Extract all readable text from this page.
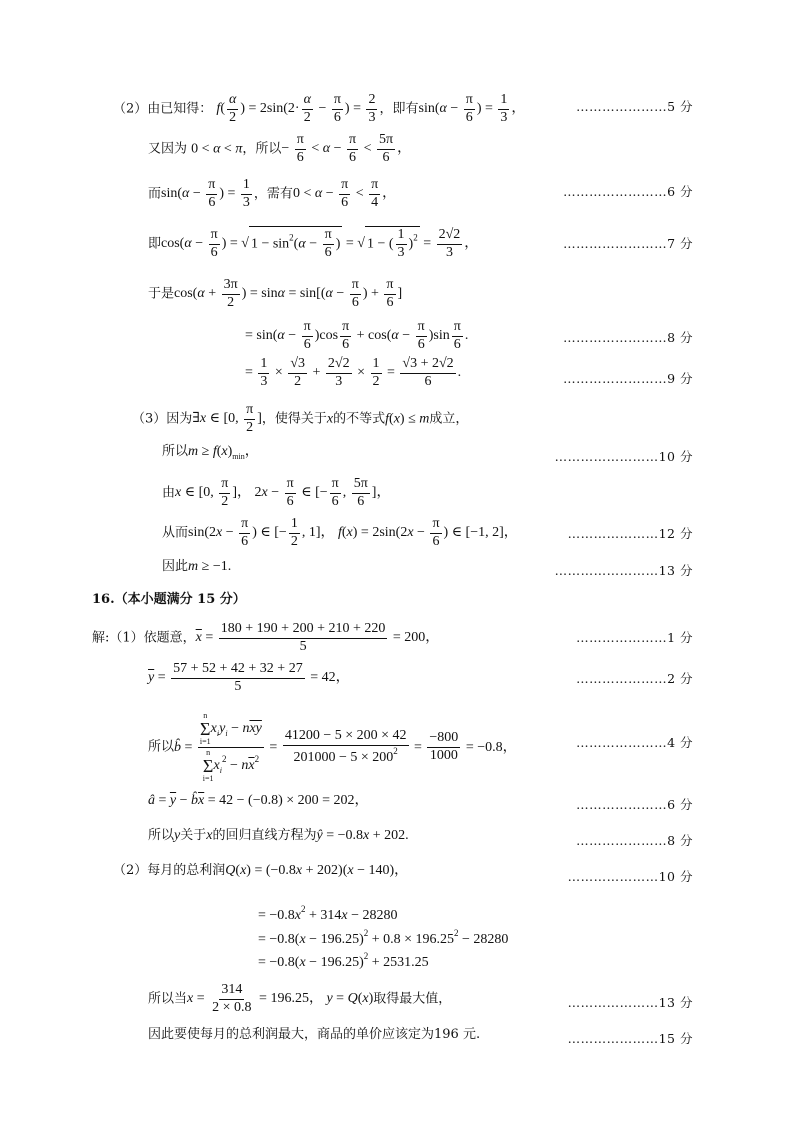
（2）由已知得： $f( \frac{\alpha}{2}$ ) = $2\sin(2\cdot \frac{\alpha}{2} - \frac{\pi}{6}$ ) = $\frac{2}{3}$ ，即有$\sin(\alpha - \frac{\pi}{6}$ ) = $\frac{1}{3}$ ，	…………………5 分
又因为 0 < α < π，所以− $\frac{\pi}{6} < \alpha - \frac{\pi}{6} < \frac{5\pi}{6}$ ，
而$\sin(\alpha - \frac{\pi}{6}$ ) = $\frac{1}{3}$ ，需有$0 < \alpha - \frac{\pi}{6} < \frac{\pi}{4}$ ，	……………………6 分
即$\cos(\alpha - \frac{\pi}{6}$ ) = √ $1 - \sin^2(\alpha - \frac{\pi}{6}$ ) = √ 1 − ( $\frac{1}{3} )^2 = \frac{2√2}{3}$ ，	……………………7 分
于是$\cos(\alpha + \frac{3\pi}{2}$ ) = $\sin\alpha = \sin[(\alpha - \frac{\pi}{6}$ ) + $\frac{\pi}{6}$ ]
= $\sin(\alpha - \frac{\pi}{6} )\cos \frac{\pi}{6} + \cos(\alpha - \frac{\pi}{6} )\sin \frac{\pi}{6}$ .	……………………8 分
= $\frac{1}{3} \times \frac{√3}{2} + \frac{2√2}{3} \times \frac{1}{2} = \frac{√3 + 2√2}{6}$ .	……………………9 分
（3）因为∃x ∈ [0, $\frac{\pi}{2}$ ]，使得关于x的不等式f(x) ≤ m成立，
所以$m \ge f(x)_{min}$，	……………………10 分
由x ∈ [0, $\frac{\pi}{2}$ ]， $2x - \frac{\pi}{6}$ ∈ [− $\frac{\pi}{6}$ , $\frac{5\pi}{6}$ ]，
从而$\sin(2x - \frac{\pi}{6}$ ) ∈ [− $\frac{1}{2}$ , 1]， $f(x) = 2\sin(2x - \frac{\pi}{6}$ ) ∈ [−1, 2]，	…………………12 分
因此m ≥ −1.	……………………13 分
16.（本小题满分 15 分）
解:（1）依题意，$\overline{x} = \frac{180 + 190 + 200 + 210 + 220}{5} = 200$，	…………………1 分
$\overline{y} = \frac{57 + 52 + 42 + 32 + 27}{5} = 42$，	…………………2 分
所以b̂ = n
Σ
i=1
$x_iy_i - n\overline{xy}$
n
Σ
i=1
$x_i^2 - n\overline{x}^2 = \frac{41200 - 5 \times 200 \times 42}{201000 - 5 \times 200^2} = \frac{-800}{1000} = -0.8$，	…………………4 分
â = $\overline{y}$ − $b̂\overline{x} = 42 - (-0.8) \times 200 = 202$，	…………………6 分
所以y关于x的回归直线方程为ŷ = −0.8x + 202.	…………………8 分
（2）每月的总利润Q(x) = (−0.8x + 202)(x − 140)，	…………………10 分
= $-0.8x^2 + 314x - 28280$
= $-0.8(x - 196.25)^2 + 0.8 \times 196.25^2 - 28280$
= $-0.8(x - 196.25)^2 + 2531.25$
所以当$x = \frac{314}{2 \times 0.8} = 196.25$， y = Q(x)取得最大值，	…………………13 分
因此要使每月的总利润最大，商品的单价应该定为196 元.	…………………15 分
